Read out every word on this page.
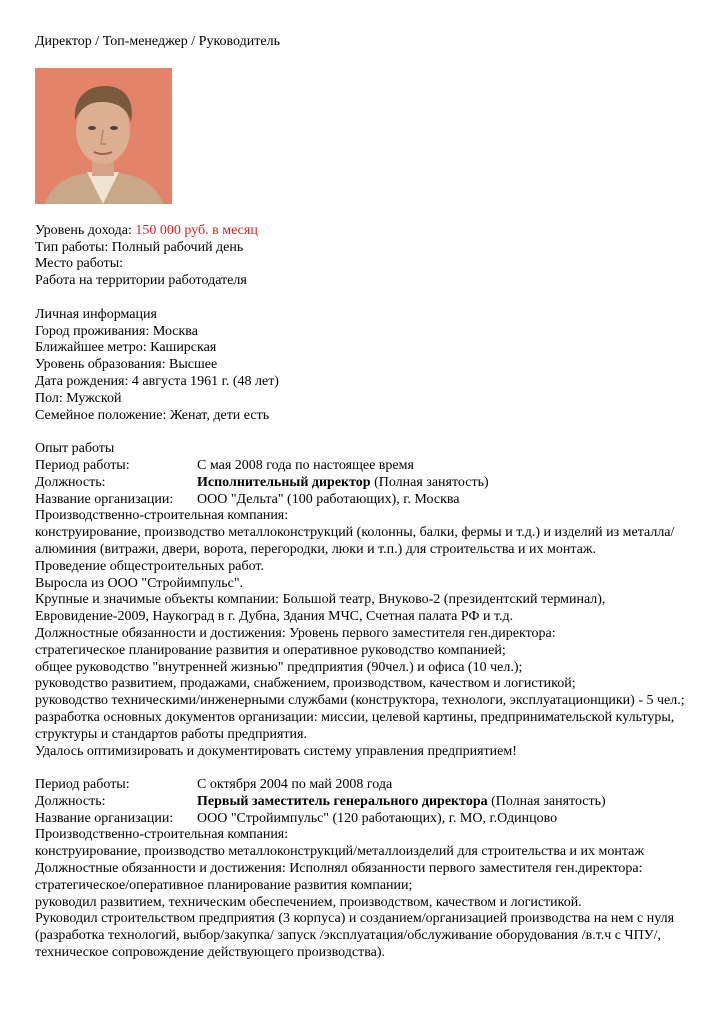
Директор / Топ-менеджер / Руководитель
Уровень дохода: 150 000 руб. в месяц
Тип работы: Полный рабочий день
Место работы:
Работа на территории работодателя
Личная информация
Город проживания: Москва
Ближайшее метро: Каширская
Уровень образования: Высшее
Дата рождения: 4 августа 1961 г. (48 лет)
Пол: Мужской
Семейное положение: Женат, дети есть
Опыт работы
Период работы:	С мая 2008 года по настоящее время
Должность:	Исполнительный директор (Полная занятость)
Название организации:	ООО "Дельта" (100 работающих), г. Москва
Производственно-строительная компания:
конструирование, производство металлоконструкций (колонны, балки, фермы и т.д.) и изделий из металла/алюминия (витражи, двери, ворота, перегородки, люки и т.п.) для строительства и их монтаж.
Проведение общестроительных работ.
Выросла из ООО "Стройимпульс".
Крупные и значимые объекты компании: Большой театр, Внуково-2 (президентский терминал), Евровидение-2009, Наукоград в г. Дубна, Здания МЧС, Счетная палата РФ и т.д.
Должностные обязанности и достижения: Уровень первого заместителя ген.директора:
стратегическое планирование развития и оперативное руководство компанией;
общее руководство "внутренней жизнью" предприятия (90чел.) и офиса (10 чел.);
руководство развитием, продажами, снабжением, производством, качеством и логистикой;
руководство техническими/инженерными службами (конструктора, технологи, эксплуатационщики) - 5 чел.;
разработка основных документов организации: миссии, целевой картины, предпринимательской культуры, структуры и стандартов работы предприятия.
Удалось оптимизировать и документировать систему управления предприятием!
Период работы:	С октября 2004 по май 2008 года
Должность:	Первый заместитель генерального директора (Полная занятость)
Название организации:	ООО "Стройимпульс" (120 работающих), г. МО, г.Одинцово
Производственно-строительная компания:
конструирование, производство металлоконструкций/металлоизделий для строительства и их монтаж
Должностные обязанности и достижения: Исполнял обязанности первого заместителя ген.директора:
стратегическое/оперативное планирование развития компании;
руководил развитием, техническим обеспечением, производством, качеством и логистикой.
Руководил строительством предприятия (3 корпуса) и созданием/организацией производства на нем с нуля (разработка технологий, выбор/закупка/ запуск /эксплуатация/обслуживание оборудования /в.т.ч с ЧПУ/, техническое сопровождение действующего производства).
